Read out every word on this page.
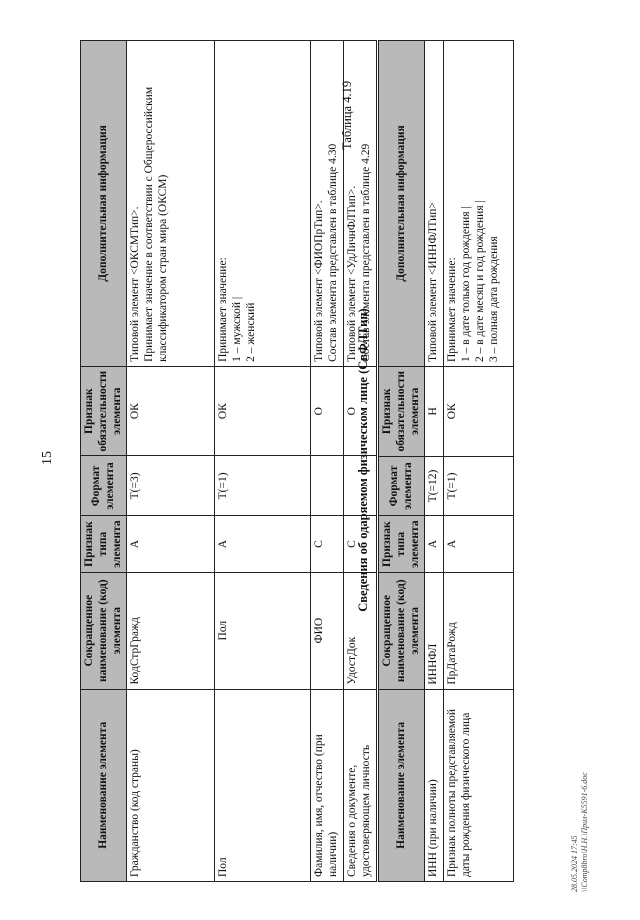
15
Наименование элемента	Сокращенное наименование (код) элемента	Признак типа элемента	Формат элемента	Признак обязательности элемента	Дополнительная информация
Гражданство (код страны)	КодСтрГражд	А	T(=3)	ОК	Типовой элемент <ОКСМТип>. Принимает значение в соответствии с Общероссийским классификатором стран мира (ОКСМ)

Пол	Пол	А	T(=1)	ОК	Принимает значение: 1 – мужской | 2 – женский

Фамилия, имя, отчество (при наличии)	ФИО	С		О	Типовой элемент <ФИОПрТип>. Состав элемента представлен в таблице 4.30

Сведения о документе, удостоверяющем личность	УдостДок	С		О	Типовой элемент <УдЛичнФЛТип>. Состав элемента представлен в таблице 4.29
Таблица 4.19
Сведения об одаряемом физическом лице (СвФЛТип)
Наименование элемента	Сокращенное наименование (код) элемента	Признак типа элемента	Формат элемента	Признак обязательности элемента	Дополнительная информация
ИНН (при наличии)	ИННФЛ	А	T(=12)	Н	Типовой элемент <ИННФЛТип>

Признак полноты представляемой даты рождения физического лица	ПрДатаРожд	А	T(=1)	ОК	Принимает значение: 1 – в дате только год рождения | 2 – в дате месяц и год рождения | 3 – полная дата рождения
28.05.2024 17:45 \\Comp8bro\Н.Н.\Прил-К5591-6.doc
